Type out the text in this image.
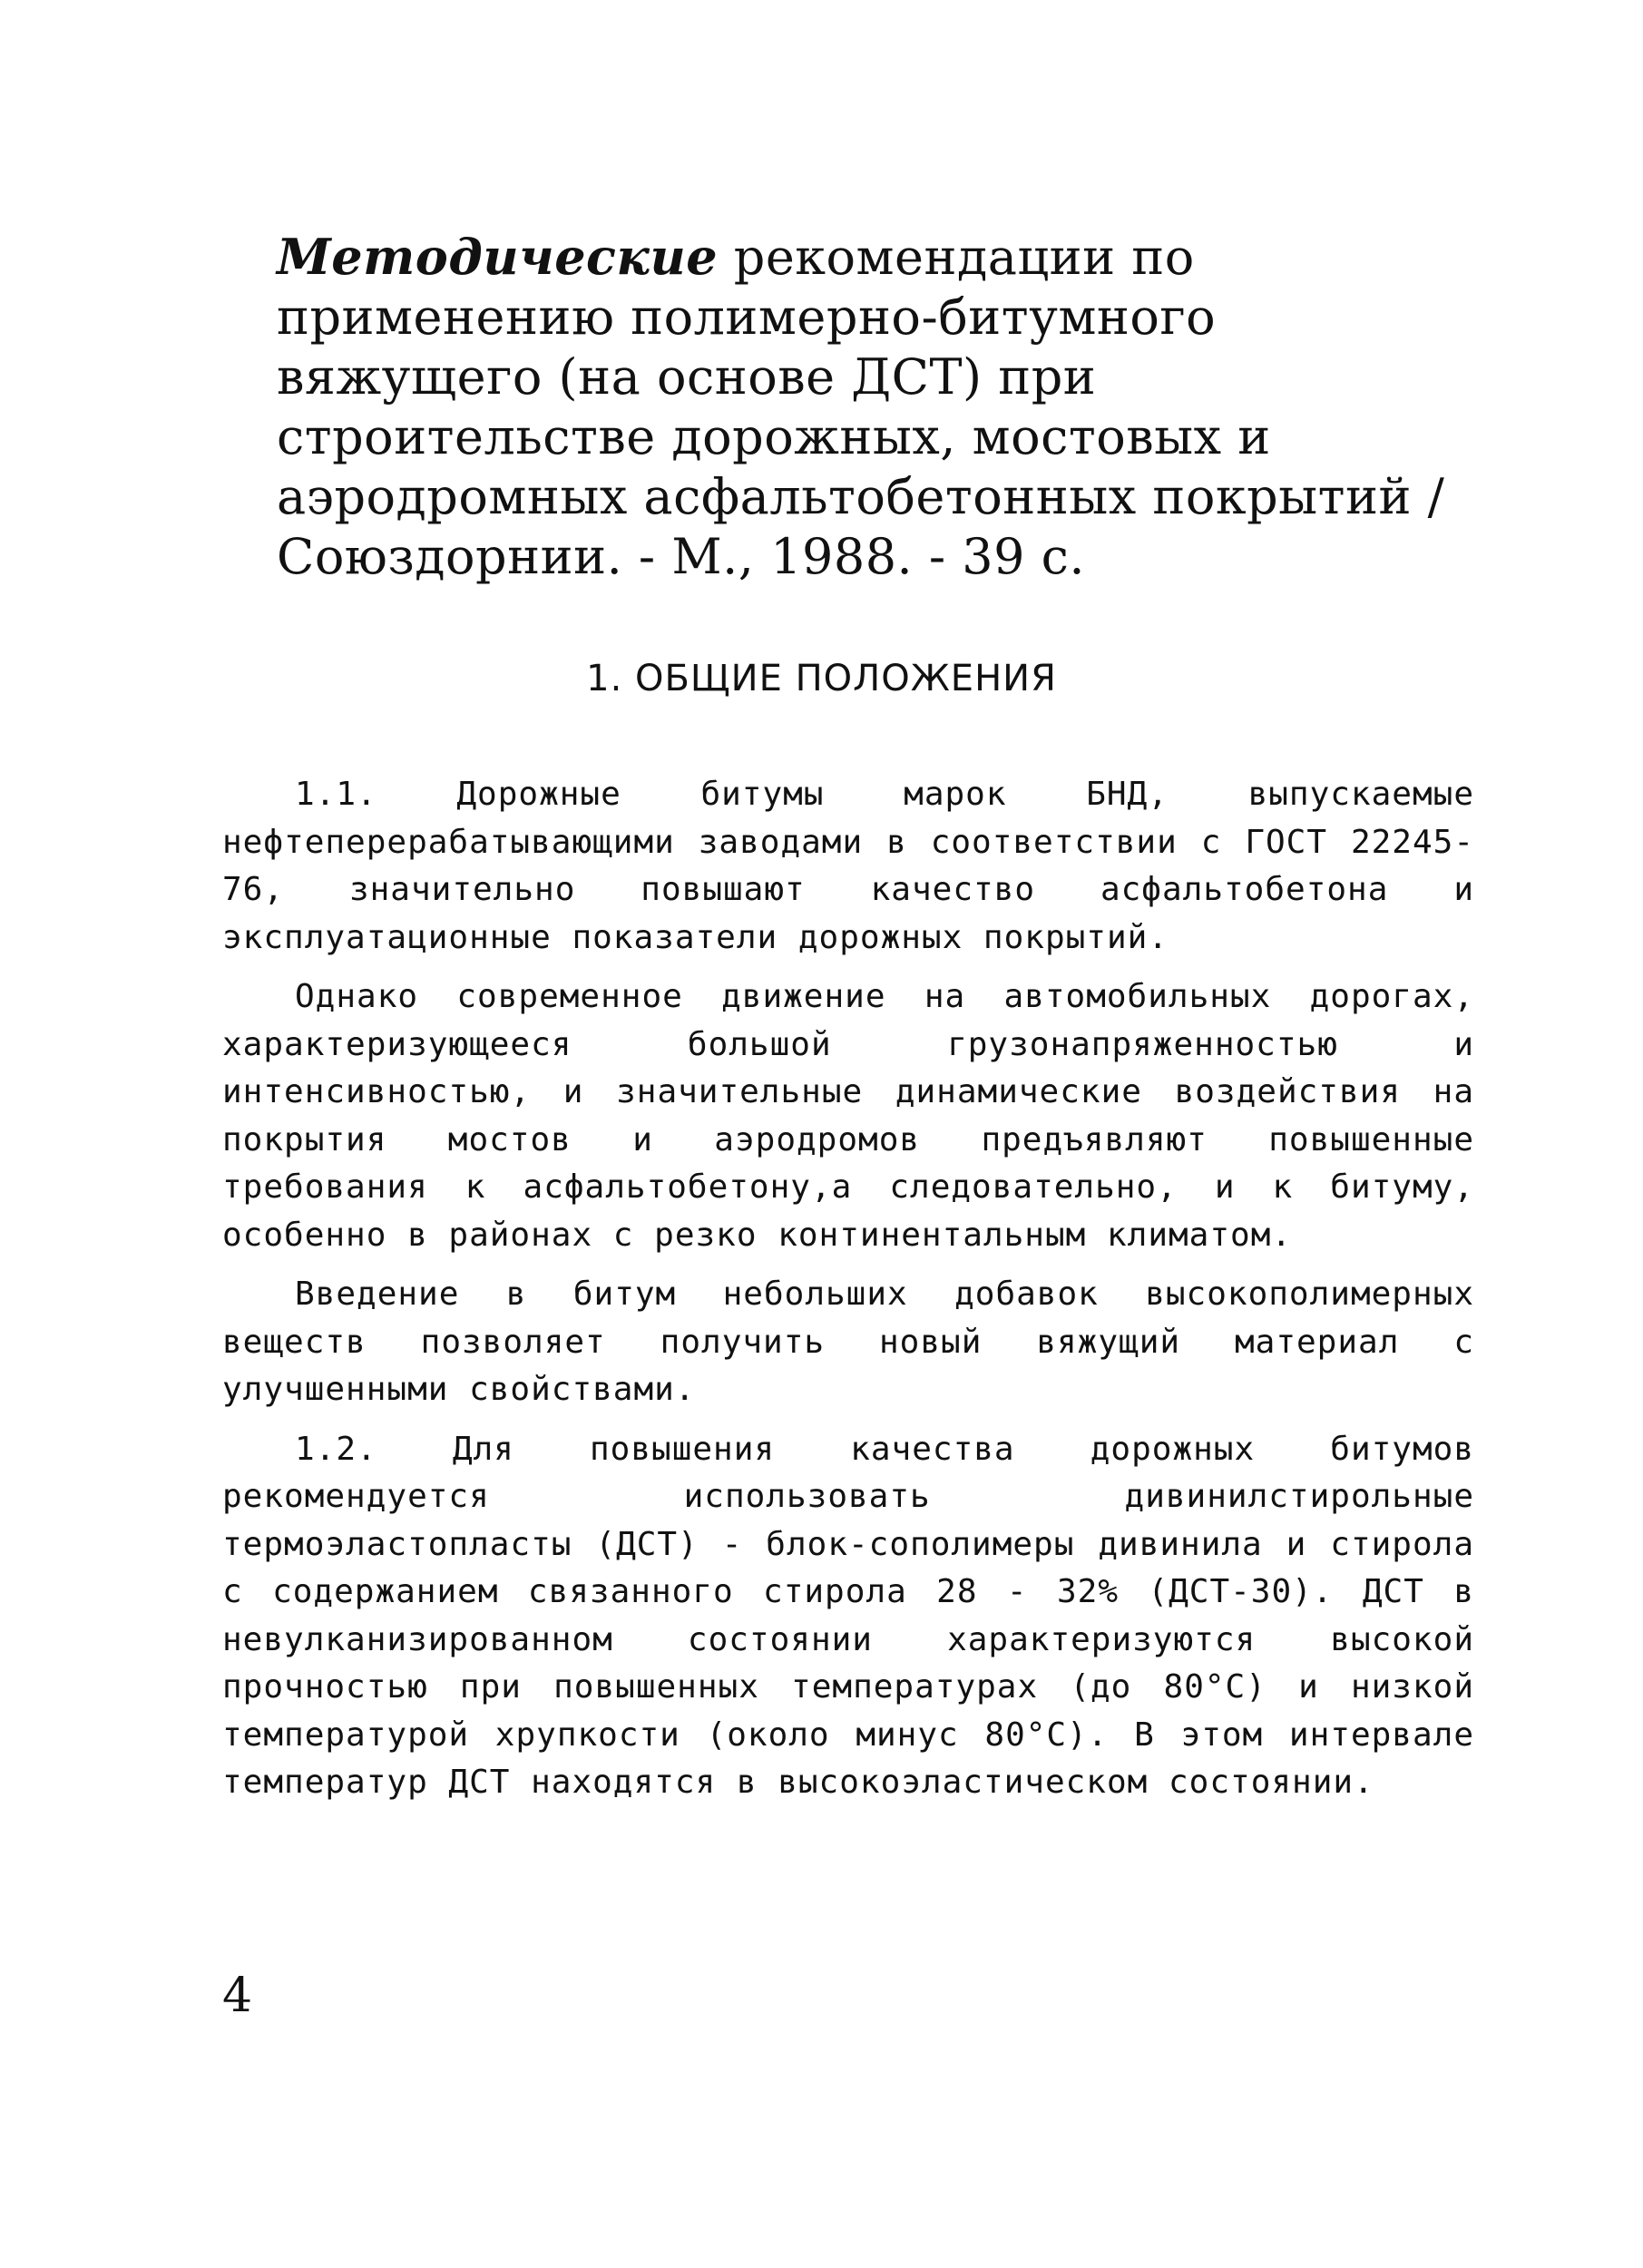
Методические рекомендации по применению полимерно-битумного вяжущего (на основе ДСТ) при строительстве дорожных, мостовых и аэродромных асфальтобетонных покрытий / Союздорнии. - М., 1988. - 39 с.
1. ОБЩИЕ ПОЛОЖЕНИЯ

1.1. Дорожные битумы марок БНД, выпускаемые нефтеперерабатывающими заводами в соответствии с ГОСТ 22245-76, значительно повышают качество асфальтобетона и эксплуатационные показатели дорожных покрытий.

Однако современное движение на автомобильных дорогах, характеризующееся большой грузонапряженностью и интенсивностью, и значительные динамические воздействия на покрытия мостов и аэродромов предъявляют повышенные требования к асфальтобетону,а следовательно, и к битуму, особенно в районах с резко континентальным климатом.

Введение в битум небольших добавок высокополимерных веществ позволяет получить новый вяжущий материал с улучшенными свойствами.

1.2. Для повышения качества дорожных битумов рекомендуется использовать дивинилстирольные термоэластопласты (ДСТ) - блок-сополимеры дивинила и стирола с содержанием связанного стирола 28 - 32% (ДСТ-30). ДСТ в невулканизированном состоянии характеризуются высокой прочностью при повышенных температурах (до 80°С) и низкой температурой хрупкости (около минус 80°С). В этом интервале температур ДСТ находятся в высокоэластическом состоянии.

4
